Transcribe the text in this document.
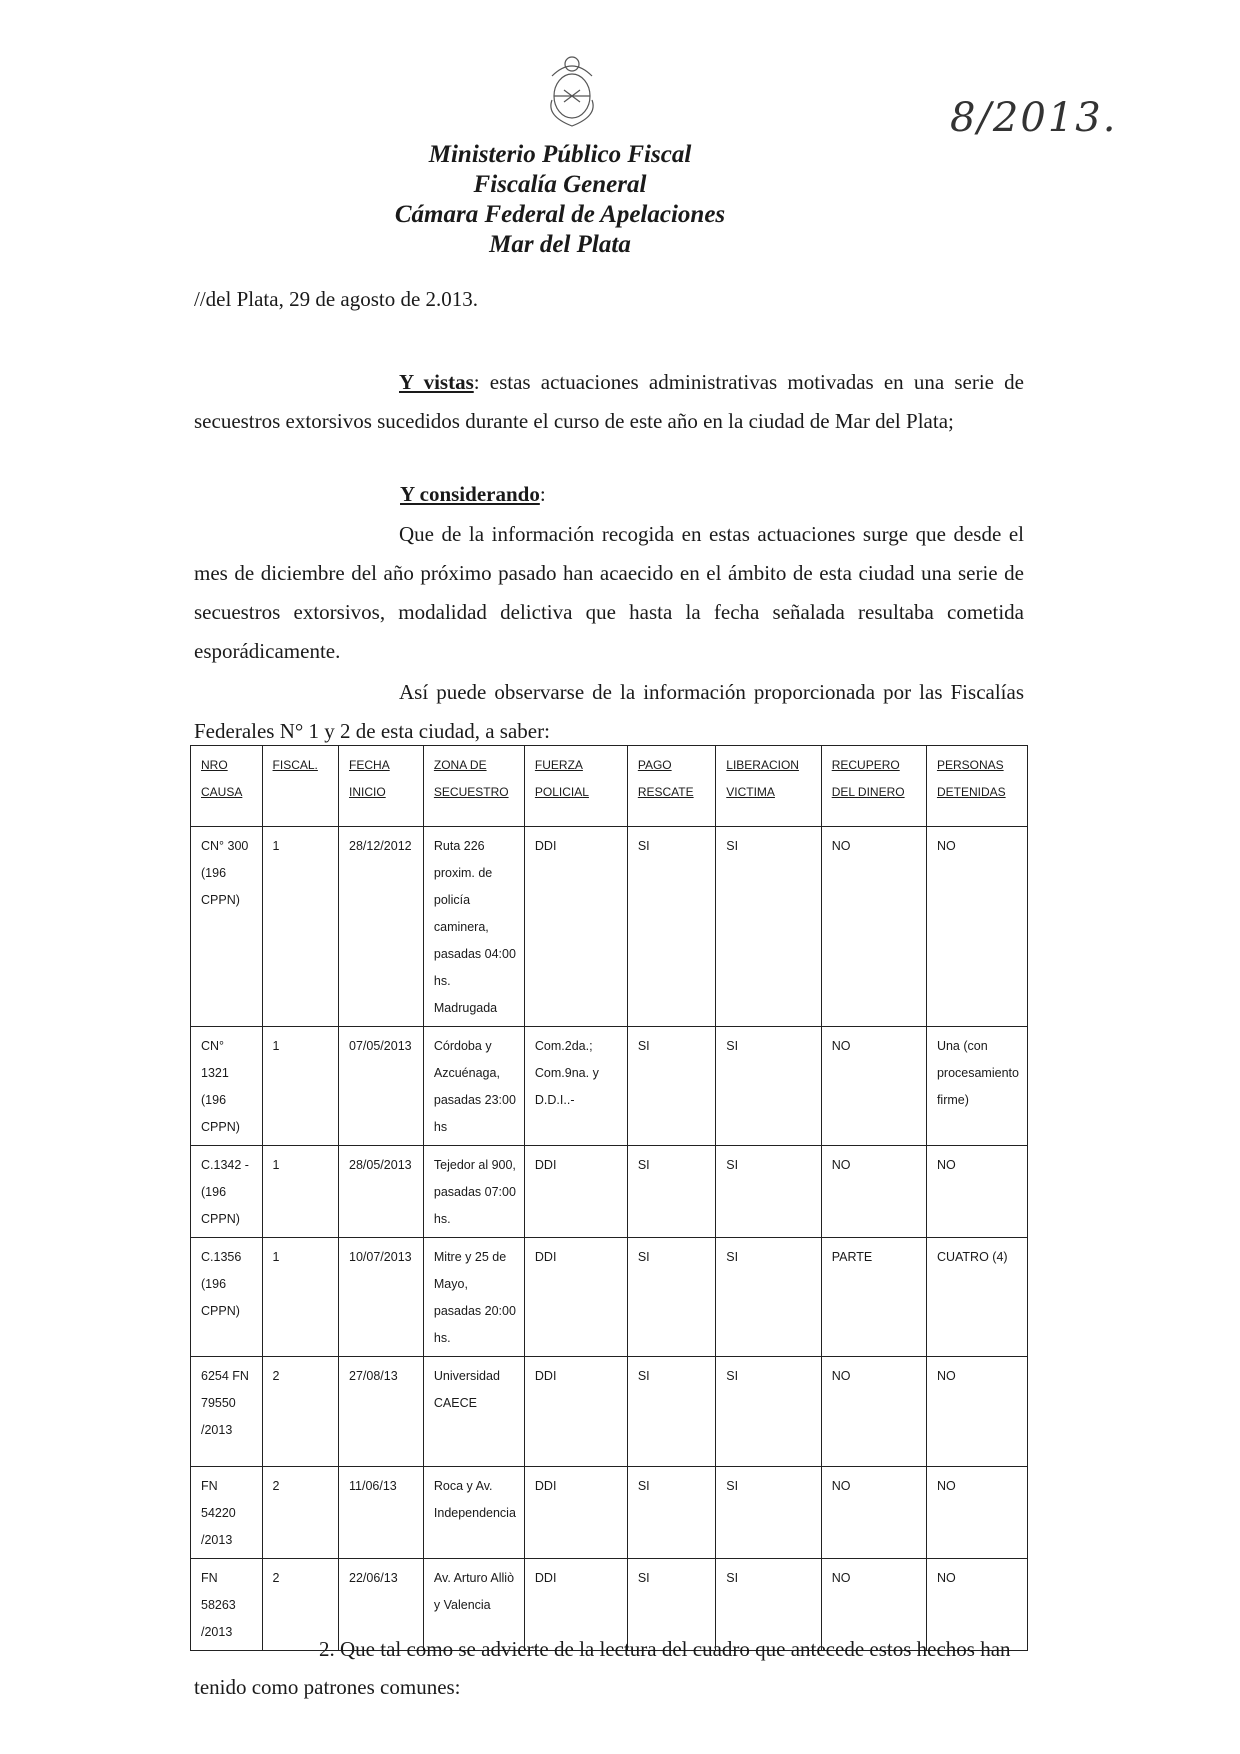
8/2013.
Ministerio Público Fiscal
Fiscalía General
Cámara Federal de Apelaciones
Mar del Plata
//del Plata, 29 de agosto de 2.013.
Y vistas: estas actuaciones administrativas motivadas en una serie de secuestros extorsivos sucedidos durante el curso de este año en la ciudad de Mar del Plata;
Y considerando:
Que de la información recogida en estas actuaciones surge que desde el mes de diciembre del año próximo pasado han acaecido en el ámbito de esta ciudad una serie de secuestros extorsivos, modalidad delictiva que hasta la fecha señalada resultaba cometida esporádicamente.
Así puede observarse de la información proporcionada por las Fiscalías Federales N° 1 y 2 de esta ciudad, a saber:
NRO CAUSA	FISCAL.	FECHA INICIO	ZONA DE SECUESTRO	FUERZA POLICIAL	PAGO RESCATE	LIBERACION VICTIMA	RECUPERO DEL DINERO	PERSONAS DETENIDAS
CN° 300 (196 CPPN)	1	28/12/2012	Ruta 226 proxim. de policía caminera, pasadas 04:00 hs. Madrugada	DDI	SI	SI	NO	NO
CN° 1321 (196 CPPN)	1	07/05/2013	Córdoba y Azcuénaga, pasadas 23:00 hs	Com.2da.; Com.9na. y D.D.I..-	SI	SI	NO	Una (con procesamiento firme)
C.1342 -(196 CPPN)	1	28/05/2013	Tejedor al 900, pasadas 07:00 hs.	DDI	SI	SI	NO	NO
C.1356 (196 CPPN)	1	10/07/2013	Mitre y 25 de Mayo, pasadas 20:00 hs.	DDI	SI	SI	PARTE	CUATRO (4)
6254 FN 79550 /2013	2	27/08/13	Universidad CAECE	DDI	SI	SI	NO	NO
FN 54220 /2013	2	11/06/13	Roca y Av. Independencia	DDI	SI	SI	NO	NO
FN 58263 /2013	2	22/06/13	Av. Arturo Alliò y Valencia	DDI	SI	SI	NO	NO
2. Que tal como se advierte de la lectura del cuadro que antecede estos hechos han tenido como patrones comunes:
